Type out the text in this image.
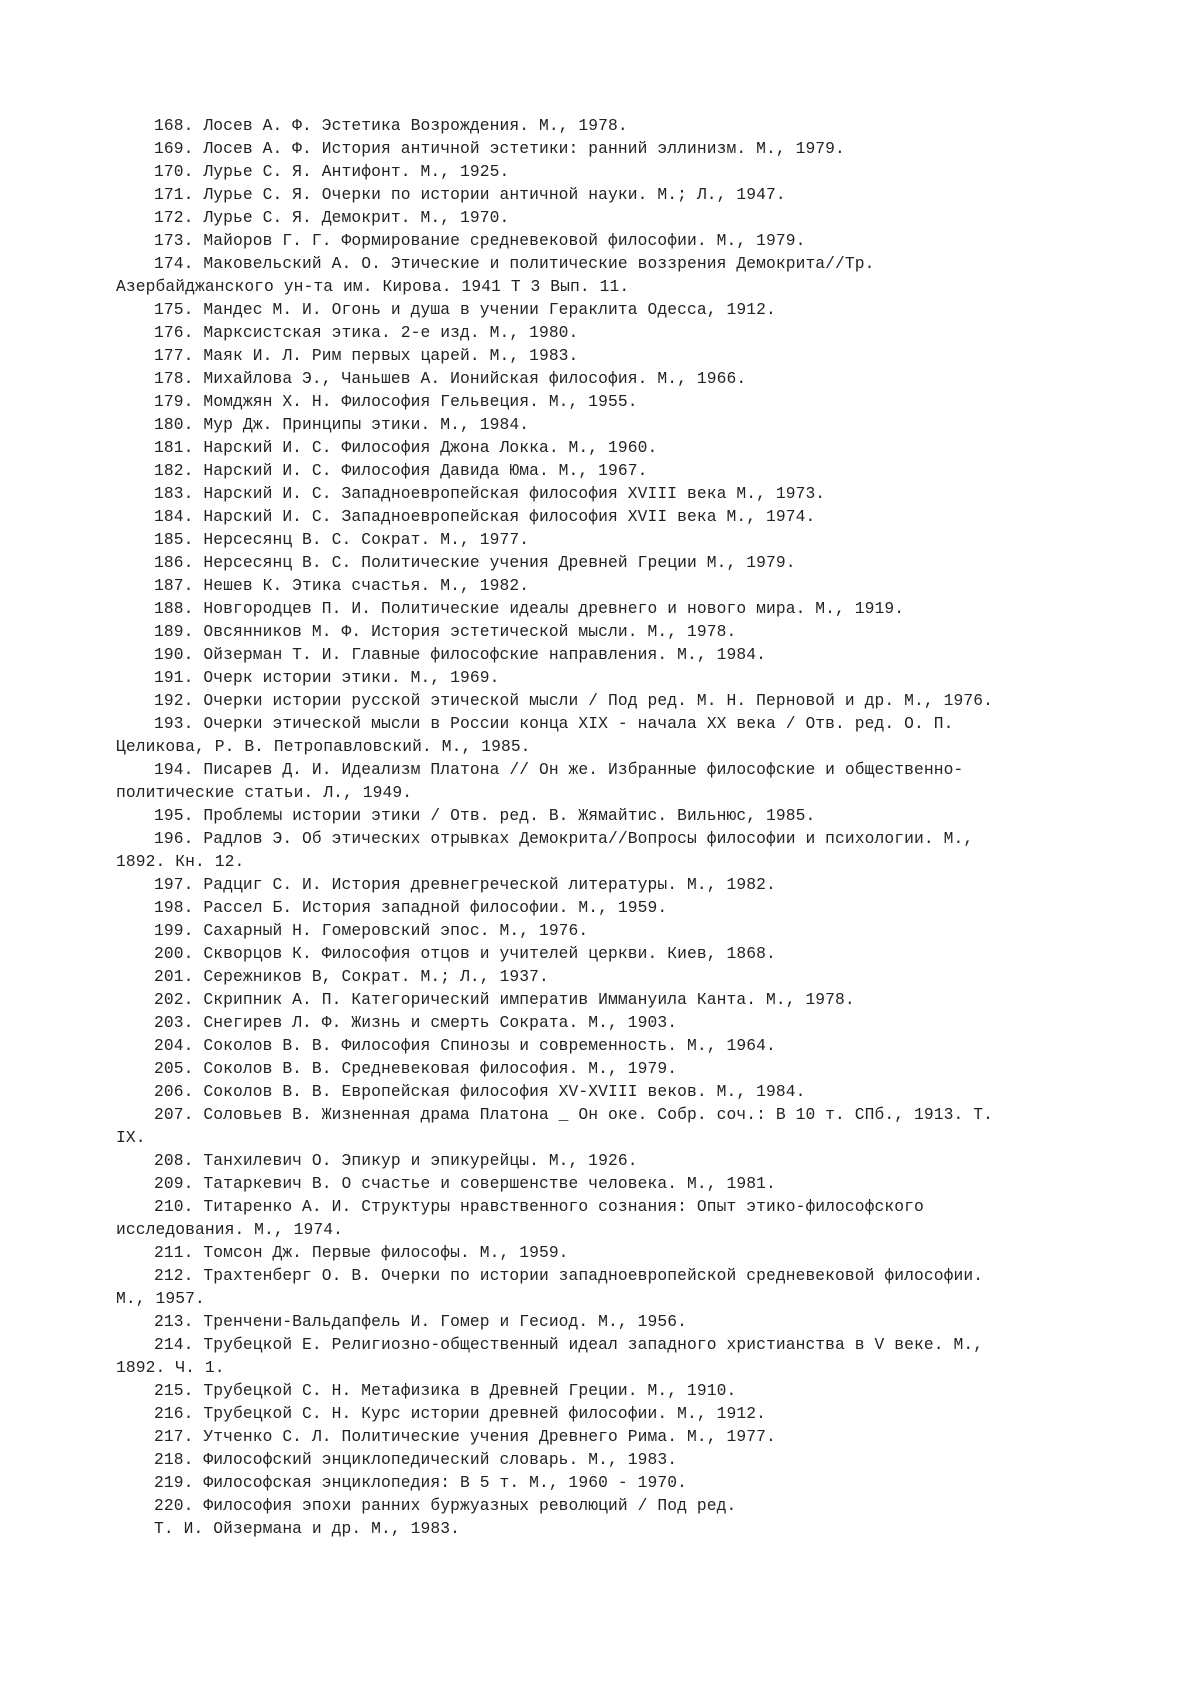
168. Лосев А. Ф. Эстетика Возрождения. М., 1978.

169. Лосев А. Ф. История античной эстетики: ранний эллинизм. М., 1979.

170. Лурье С. Я. Антифонт. М., 1925.

171. Лурье С. Я. Очерки по истории античной науки. М.; Л., 1947.

172. Лурье С. Я. Демокрит. М., 1970.

173. Майоров Г. Г. Формирование средневековой философии. М., 1979.

174. Маковельский А. О. Этические и политические воззрения Демокрита//Тр. Азербайджанского ун-та им. Кирова. 1941 Т 3 Вып. 11.

175. Мандес М. И. Огонь и душа в учении Гераклита Одесса, 1912.

176. Марксистская этика. 2-е изд. М., 1980.

177. Маяк И. Л. Рим первых царей. М., 1983.

178. Михайлова Э., Чаньшев А. Ионийская философия. М., 1966.

179. Момджян Х. Н. Философия Гельвеция. М., 1955.

180. Мур Дж. Принципы этики. М., 1984.

181. Нарский И. С. Философия Джона Локка. М., 1960.

182. Нарский И. С. Философия Давида Юма. М., 1967.

183. Нарский И. С. Западноевропейская философия XVIII века М., 1973.

184. Нарский И. С. Западноевропейская философия XVII века М., 1974.

185. Нерсесянц В. С. Сократ. М., 1977.

186. Нерсесянц В. С. Политические учения Древней Греции М., 1979.

187. Нешев К. Этика счастья. М., 1982.

188. Новгородцев П. И. Политические идеалы древнего и нового мира. М., 1919.

189. Овсянников М. Ф. История эстетической мысли. М., 1978.

190. Ойзерман Т. И. Главные философские направления. М., 1984.

191. Очерк истории этики. М., 1969.

192. Очерки истории русской этической мысли / Под ред. М. Н. Перновой и др. М., 1976.

193. Очерки этической мысли в России конца XIX - начала XX века / Отв. ред. О. П. Целикова, Р. В. Петропавловский. М., 1985.

194. Писарев Д. И. Идеализм Платона // Он же. Избранные философские и общественно-политические статьи. Л., 1949.

195. Проблемы истории этики / Отв. ред. В. Жямайтис. Вильнюс, 1985.

196. Радлов Э. Об этических отрывках Демокрита//Вопросы философии и психологии. М., 1892. Кн. 12.

197. Радциг С. И. История древнегреческой литературы. М., 1982.

198. Рассел Б. История западной философии. М., 1959.

199. Сахарный Н. Гомеровский эпос. М., 1976.

200. Скворцов К. Философия отцов и учителей церкви. Киев, 1868.

201. Сережников В, Сократ. М.; Л., 1937.

202. Скрипник А. П. Категорический императив Иммануила Канта. М., 1978.

203. Снегирев Л. Ф. Жизнь и смерть Сократа. М., 1903.

204. Соколов В. В. Философия Спинозы и современность. М., 1964.

205. Соколов В. В. Средневековая философия. М., 1979.

206. Соколов В. В. Европейская философия XV-XVIII веков. М., 1984.

207. Соловьев В. Жизненная драма Платона _ Он оке. Собр. соч.: В 10 т. СПб., 1913. Т. IX.

208. Танхилевич О. Эпикур и эпикурейцы. М., 1926.

209. Татаркевич В. О счастье и совершенстве человека. М., 1981.

210. Титаренко А. И. Структуры нравственного сознания: Опыт этико-философского исследования. М., 1974.

211. Томсон Дж. Первые философы. М., 1959.

212. Трахтенберг О. В. Очерки по истории западноевропейской средневековой философии. М., 1957.

213. Тренчени-Вальдапфель И. Гомер и Гесиод. М., 1956.

214. Трубецкой Е. Религиозно-общественный идеал западного христианства в V веке. М., 1892. Ч. 1.

215. Трубецкой С. Н. Метафизика в Древней Греции. М., 1910.

216. Трубецкой С. Н. Курс истории древней философии. М., 1912.

217. Утченко С. Л. Политические учения Древнего Рима. М., 1977.

218. Философский энциклопедический словарь. М., 1983.

219. Философская энциклопедия: В 5 т. М., 1960 - 1970.

220. Философия эпохи ранних буржуазных революций / Под ред.

Т. И. Ойзермана и др. М., 1983.
